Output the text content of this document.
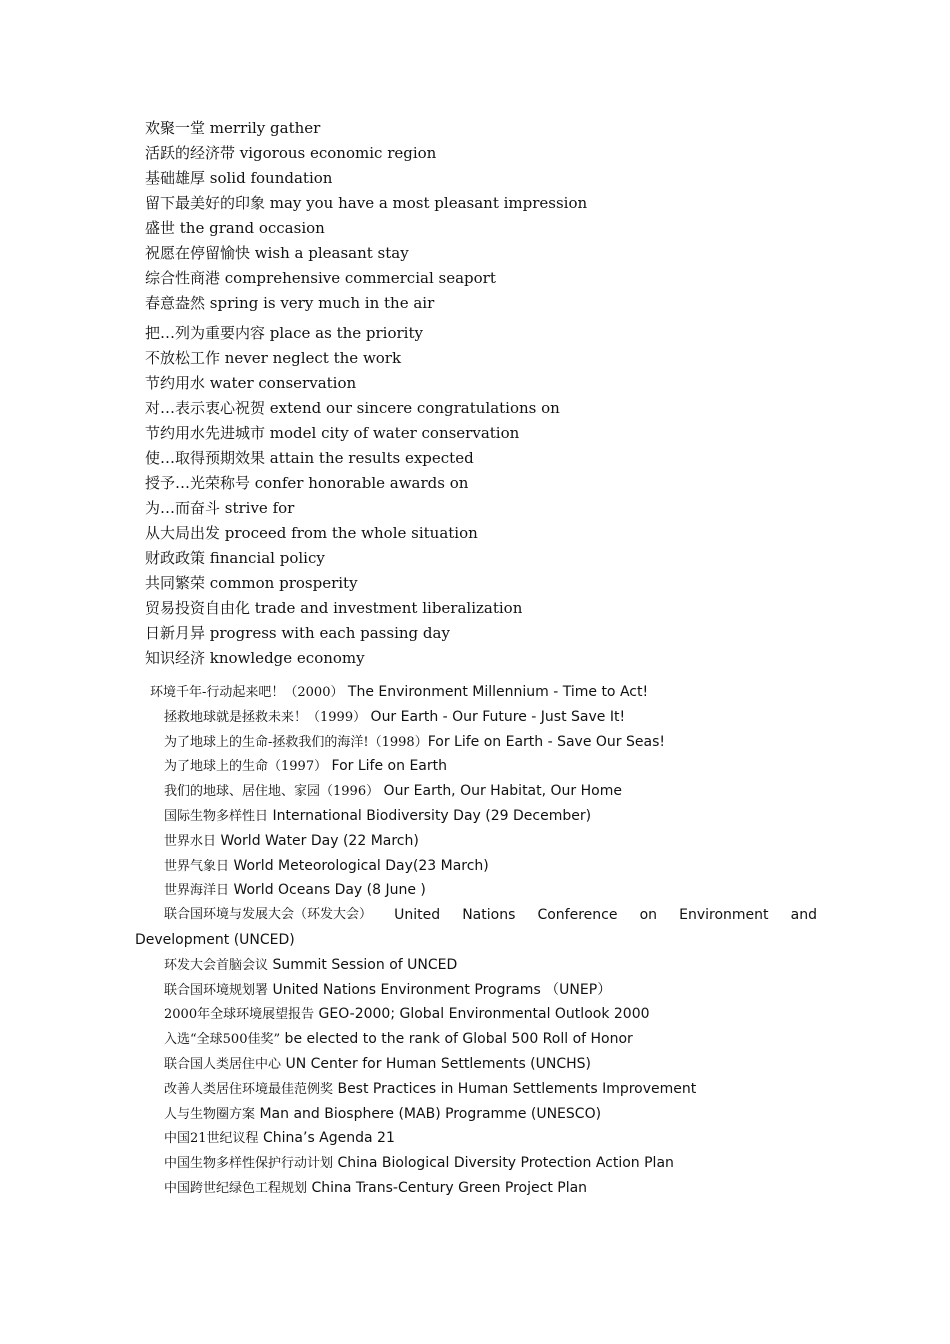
欢聚一堂 merrily gather
活跃的经济带 vigorous economic region
基础雄厚 solid foundation
留下最美好的印象 may you have a most pleasant impression
盛世 the grand occasion
祝愿在停留愉快 wish a pleasant stay
综合性商港 comprehensive commercial seaport
春意盎然 spring is very much in the air
把…列为重要内容 place as the priority
不放松工作 never neglect the work
节约用水 water conservation
对…表示衷心祝贺 extend our sincere congratulations on
节约用水先进城市 model city of water conservation
使…取得预期效果 attain the results expected
授予…光荣称号 confer honorable awards on
为…而奋斗 strive for
从大局出发 proceed from the whole situation
财政政策 financial policy
共同繁荣 common prosperity
贸易投资自由化 trade and investment liberalization
日新月异 progress with each passing day
知识经济 knowledge economy
环境千年-行动起来吧！（2000） The Environment Millennium - Time to Act!
拯救地球就是拯救未来！（1999） Our Earth - Our Future - Just Save It!
为了地球上的生命-拯救我们的海洋!（1998）For Life on Earth - Save Our Seas!
为了地球上的生命（1997） For Life on Earth
我们的地球、居住地、家园（1996） Our Earth, Our Habitat, Our Home
国际生物多样性日 International Biodiversity Day (29 December)
世界水日 World Water Day (22 March)
世界气象日 World Meteorological Day(23 March)
世界海洋日 World Oceans Day (8 June )
联合国环境与发展大会（环发大会） United Nations Conference on Environment and
Development (UNCED)
环发大会首脑会议 Summit Session of UNCED
联合国环境规划署 United Nations Environment Programs （UNEP）
2000年全球环境展望报告 GEO-2000; Global Environmental Outlook 2000
入选“全球500佳奖” be elected to the rank of Global 500 Roll of Honor
联合国人类居住中心 UN Center for Human Settlements (UNCHS)
改善人类居住环境最佳范例奖 Best Practices in Human Settlements Improvement
人与生物圈方案 Man and Biosphere (MAB) Programme (UNESCO)
中国21世纪议程 China’s Agenda 21
中国生物多样性保护行动计划 China Biological Diversity Protection Action Plan
中国跨世纪绿色工程规划 China Trans-Century Green Project Plan
